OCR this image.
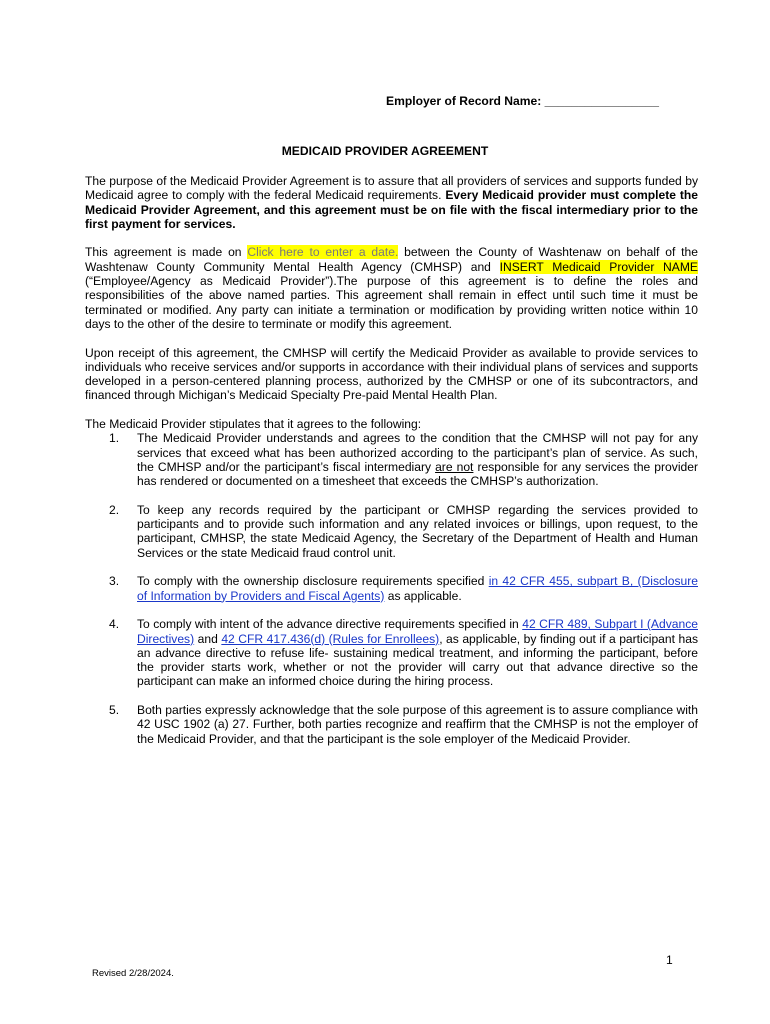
Employer of Record Name: _________________
MEDICAID PROVIDER AGREEMENT

The purpose of the Medicaid Provider Agreement is to assure that all providers of services and supports funded by Medicaid agree to comply with the federal Medicaid requirements. Every Medicaid provider must complete the Medicaid Provider Agreement, and this agreement must be on file with the fiscal intermediary prior to the first payment for services.

This agreement is made on Click here to enter a date. between the County of Washtenaw on behalf of the Washtenaw County Community Mental Health Agency (CMHSP) and INSERT Medicaid Provider NAME (“Employee/Agency as Medicaid Provider”).The purpose of this agreement is to define the roles and responsibilities of the above named parties. This agreement shall remain in effect until such time it must be terminated or modified. Any party can initiate a termination or modification by providing written notice within 10 days to the other of the desire to terminate or modify this agreement.

Upon receipt of this agreement, the CMHSP will certify the Medicaid Provider as available to provide services to individuals who receive services and/or supports in accordance with their individual plans of services and supports developed in a person-centered planning process, authorized by the CMHSP or one of its subcontractors, and financed through Michigan’s Medicaid Specialty Pre-paid Mental Health Plan.

The Medicaid Provider stipulates that it agrees to the following:
1.	The Medicaid Provider understands and agrees to the condition that the CMHSP will not pay for any services that exceed what has been authorized according to the participant’s plan of service. As such, the CMHSP and/or the participant’s fiscal intermediary are not responsible for any services the provider has rendered or documented on a timesheet that exceeds the CMHSP’s authorization.
2.	To keep any records required by the participant or CMHSP regarding the services provided to participants and to provide such information and any related invoices or billings, upon request, to the participant, CMHSP, the state Medicaid Agency, the Secretary of the Department of Health and Human Services or the state Medicaid fraud control unit.
3.	To comply with the ownership disclosure requirements specified in 42 CFR 455, subpart B, (Disclosure of Information by Providers and Fiscal Agents) as applicable.
4.	To comply with intent of the advance directive requirements specified in 42 CFR 489, Subpart I (Advance Directives) and 42 CFR 417.436(d) (Rules for Enrollees), as applicable, by finding out if a participant has an advance directive to refuse life- sustaining medical treatment, and informing the participant, before the provider starts work, whether or not the provider will carry out that advance directive so the participant can make an informed choice during the hiring process.
5.	Both parties expressly acknowledge that the sole purpose of this agreement is to assure compliance with 42 USC 1902 (a) 27. Further, both parties recognize and reaffirm that the CMHSP is not the employer of the Medicaid Provider, and that the participant is the sole employer of the Medicaid Provider.
1
Revised 2/28/2024.
